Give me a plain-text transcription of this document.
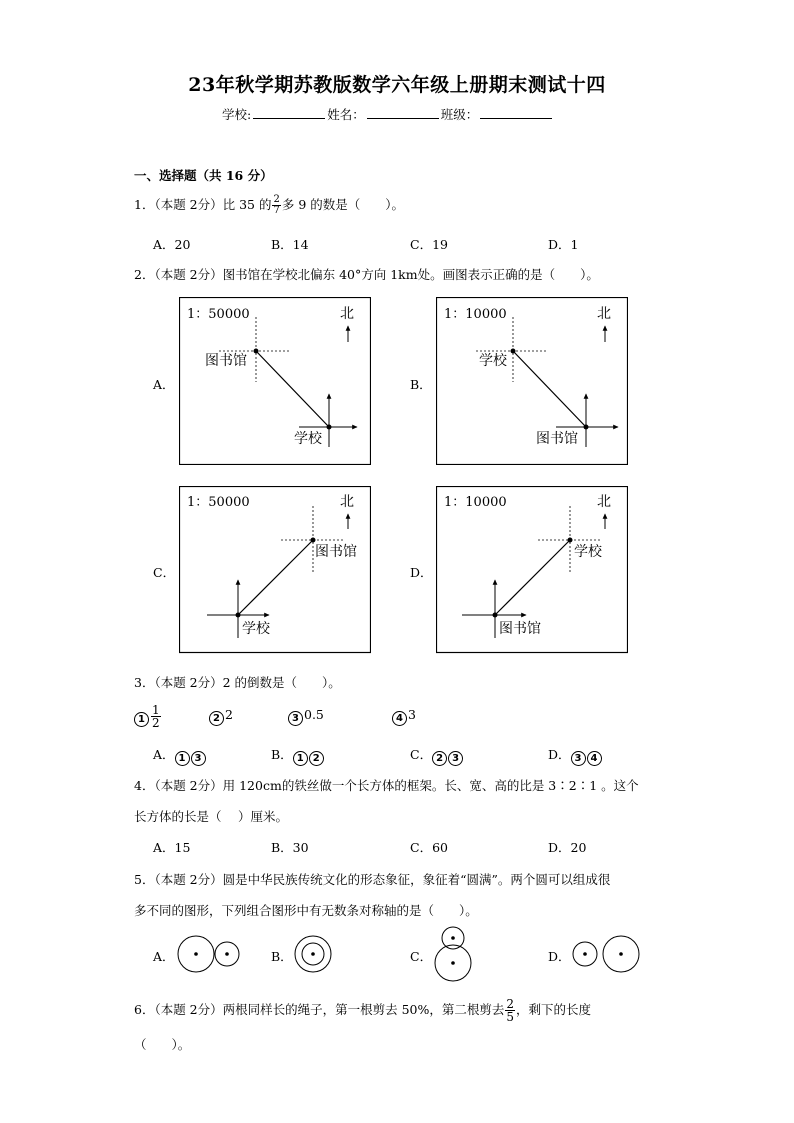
23年秋学期苏教版数学六年级上册期末测试十四
学校:	姓名：	班级：
一、选择题（共 16 分）
1．（本题 2分）比 35 的 $\frac{2}{7}$ 多 9 的数是（　　）。
A．20	B．14	C．19	D．1
2．（本题 2分）图书馆在学校北偏东 40°方向 1km处。画图表示正确的是（　　）。
A．	B．
C．	D．
1：50000	北
图书馆
学校
1：10000	北
学校
图书馆
1：50000	北
图书馆
学校
1：10000	北
学校
图书馆
3．（本题 2分）2 的倒数是（　　）。
$1 \frac{1}{2}$	2 2	3 0.5	4 3
A． 1 3	B． 1 2	C． 2 3	D． 3 4
4．（本题 2分）用 120cm的铁丝做一个长方体的框架。长、宽、高的比是 3∶2∶1 。这个
长方体的长是（　 ）厘米。
A．15	B．30	C．60	D．20
5．（本题 2分）圆是中华民族传统文化的形态象征，象征着“圆满”。两个圆可以组成很
多不同的图形，下列组合图形中有无数条对称轴的是（　　）。
A．	B．	C．	D．
6．（本题 2分）两根同样长的绳子，第一根剪去 50%，第二根剪去 $\frac{2}{5}$ ，剩下的长度
（　　）。
